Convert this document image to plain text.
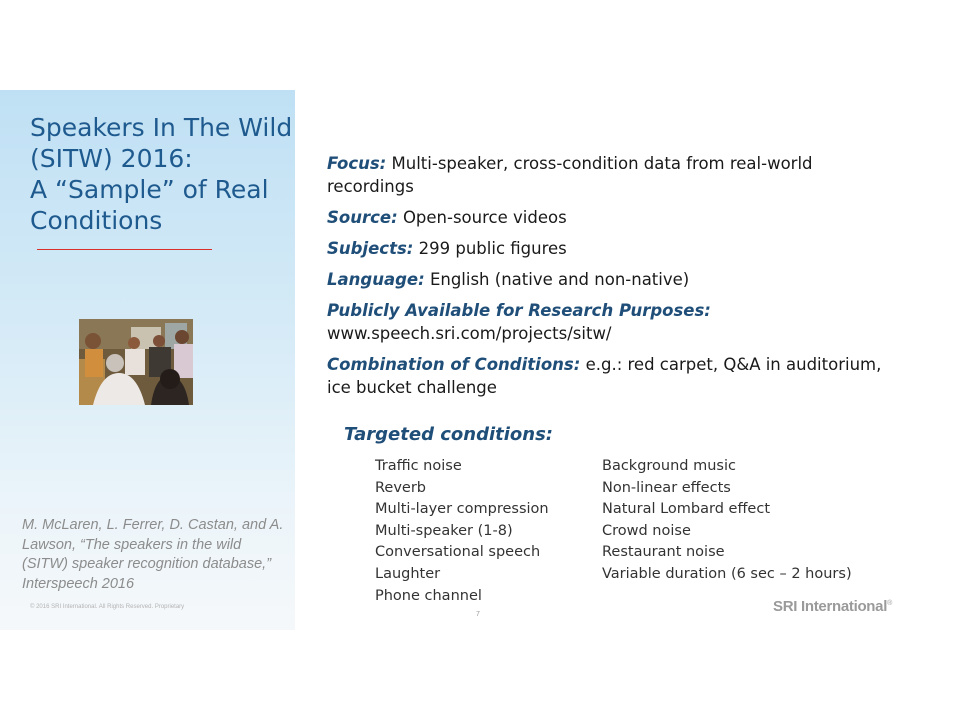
Speakers In The Wild
(SITW) 2016:
A “Sample” of Real
Conditions
M. McLaren, L. Ferrer, D. Castan, and A. Lawson, “The speakers in the wild (SITW) speaker recognition database,” Interspeech 2016
© 2016 SRI International. All Rights Reserved. Proprietary
Focus: Multi-speaker, cross-condition data from real-world recordings
Source: Open-source videos
Subjects: 299 public figures
Language: English (native and non-native)
Publicly Available for Research Purposes:
www.speech.sri.com/projects/sitw/
Combination of Conditions: e.g.: red carpet, Q&A in auditorium, ice bucket challenge
Targeted conditions:
Traffic noise
Reverb
Multi-layer compression
Multi-speaker (1-8)
Conversational speech
Laughter
Phone channel
Background music
Non-linear effects
Natural Lombard effect
Crowd noise
Restaurant noise
Variable duration (6 sec – 2 hours)
7	SRI International®
